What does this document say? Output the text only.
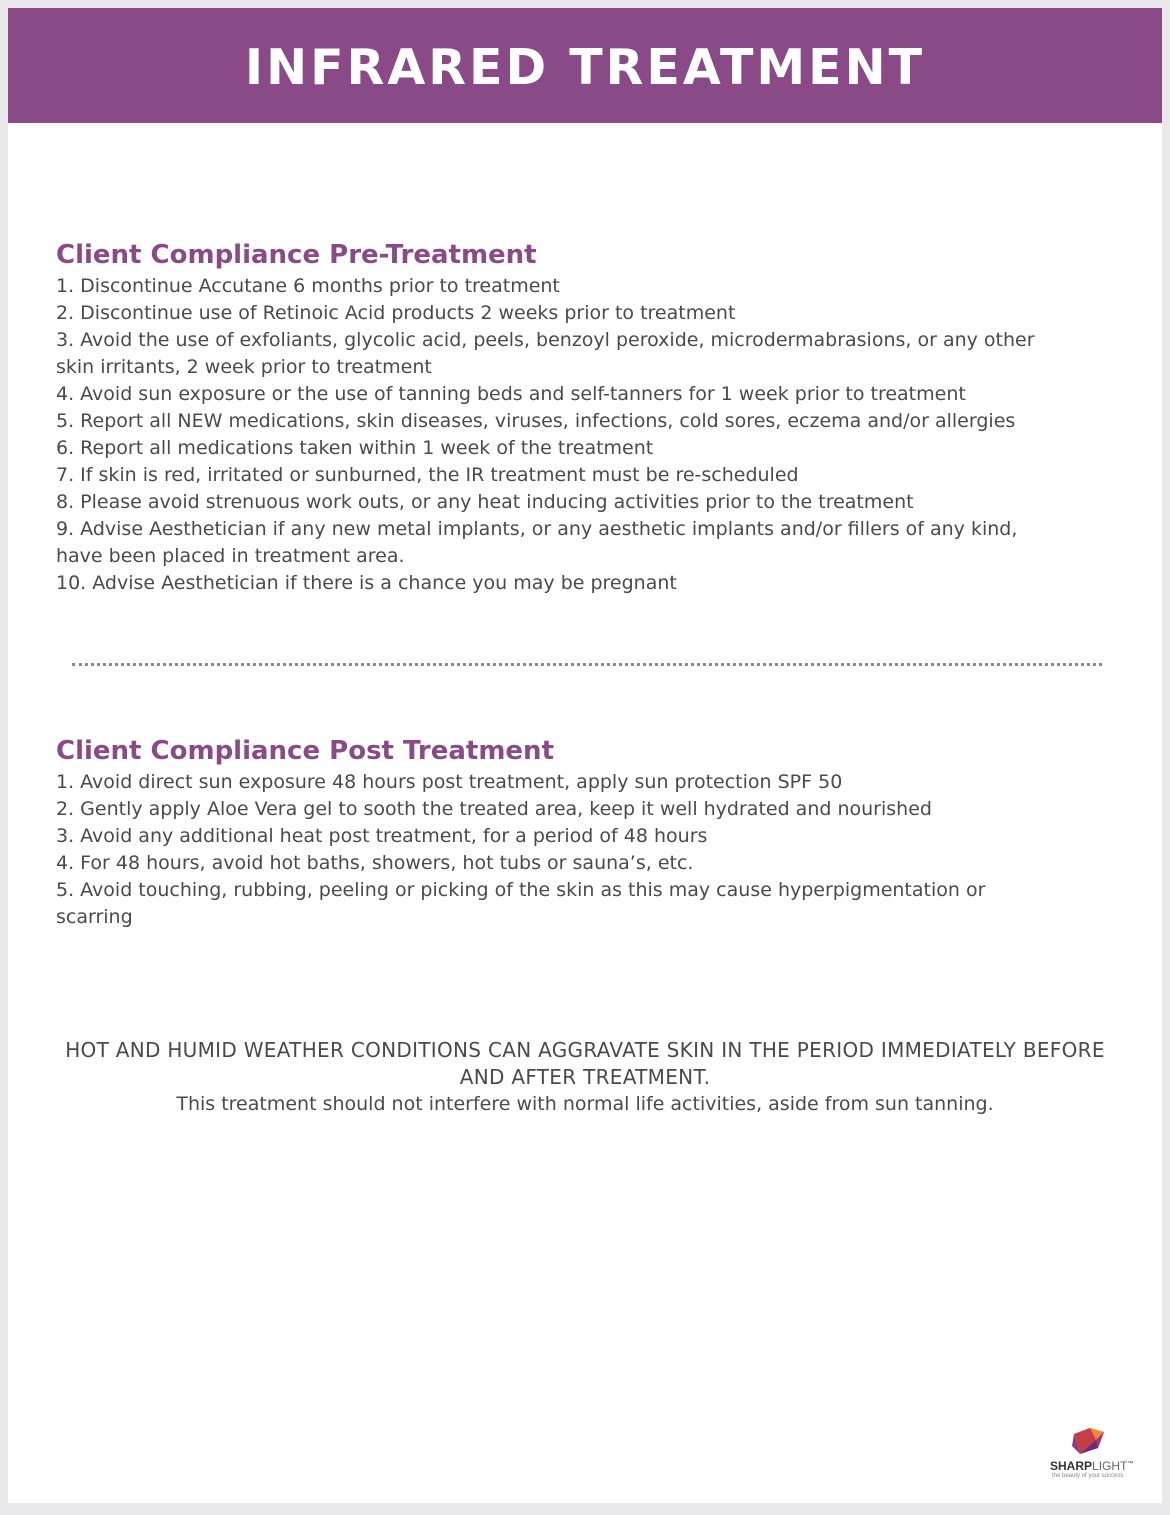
INFRARED TREATMENT
Client Compliance Pre-Treatment
1. Discontinue Accutane 6 months prior to treatment
2. Discontinue use of Retinoic Acid products 2 weeks prior to treatment
3. Avoid the use of exfoliants, glycolic acid, peels, benzoyl peroxide, microdermabrasions, or any other skin irritants, 2 week prior to treatment
4. Avoid sun exposure or the use of tanning beds and self-tanners for 1 week prior to treatment
5. Report all NEW medications, skin diseases, viruses, infections, cold sores, eczema and/or allergies
6. Report all medications taken within 1 week of the treatment
7. If skin is red, irritated or sunburned, the IR treatment must be re-scheduled
8. Please avoid strenuous work outs, or any heat inducing activities prior to the treatment
9. Advise Aesthetician if any new metal implants, or any aesthetic implants and/or fillers of any kind, have been placed in treatment area.
10. Advise Aesthetician if there is a chance you may be pregnant
Client Compliance Post Treatment
1. Avoid direct sun exposure 48 hours post treatment, apply sun protection SPF 50
2. Gently apply Aloe Vera gel to sooth the treated area, keep it well hydrated and nourished
3. Avoid any additional heat post treatment, for a period of 48 hours
4. For 48 hours, avoid hot baths, showers, hot tubs or sauna’s, etc.
5. Avoid touching, rubbing, peeling or picking of the skin as this may cause hyperpigmentation or scarring
HOT AND HUMID WEATHER CONDITIONS CAN AGGRAVATE SKIN IN THE PERIOD IMMEDIATELY BEFORE AND AFTER TREATMENT.
This treatment should not interfere with normal life activities, aside from sun tanning.
SHARPLIGHT™
the beauty of your success
